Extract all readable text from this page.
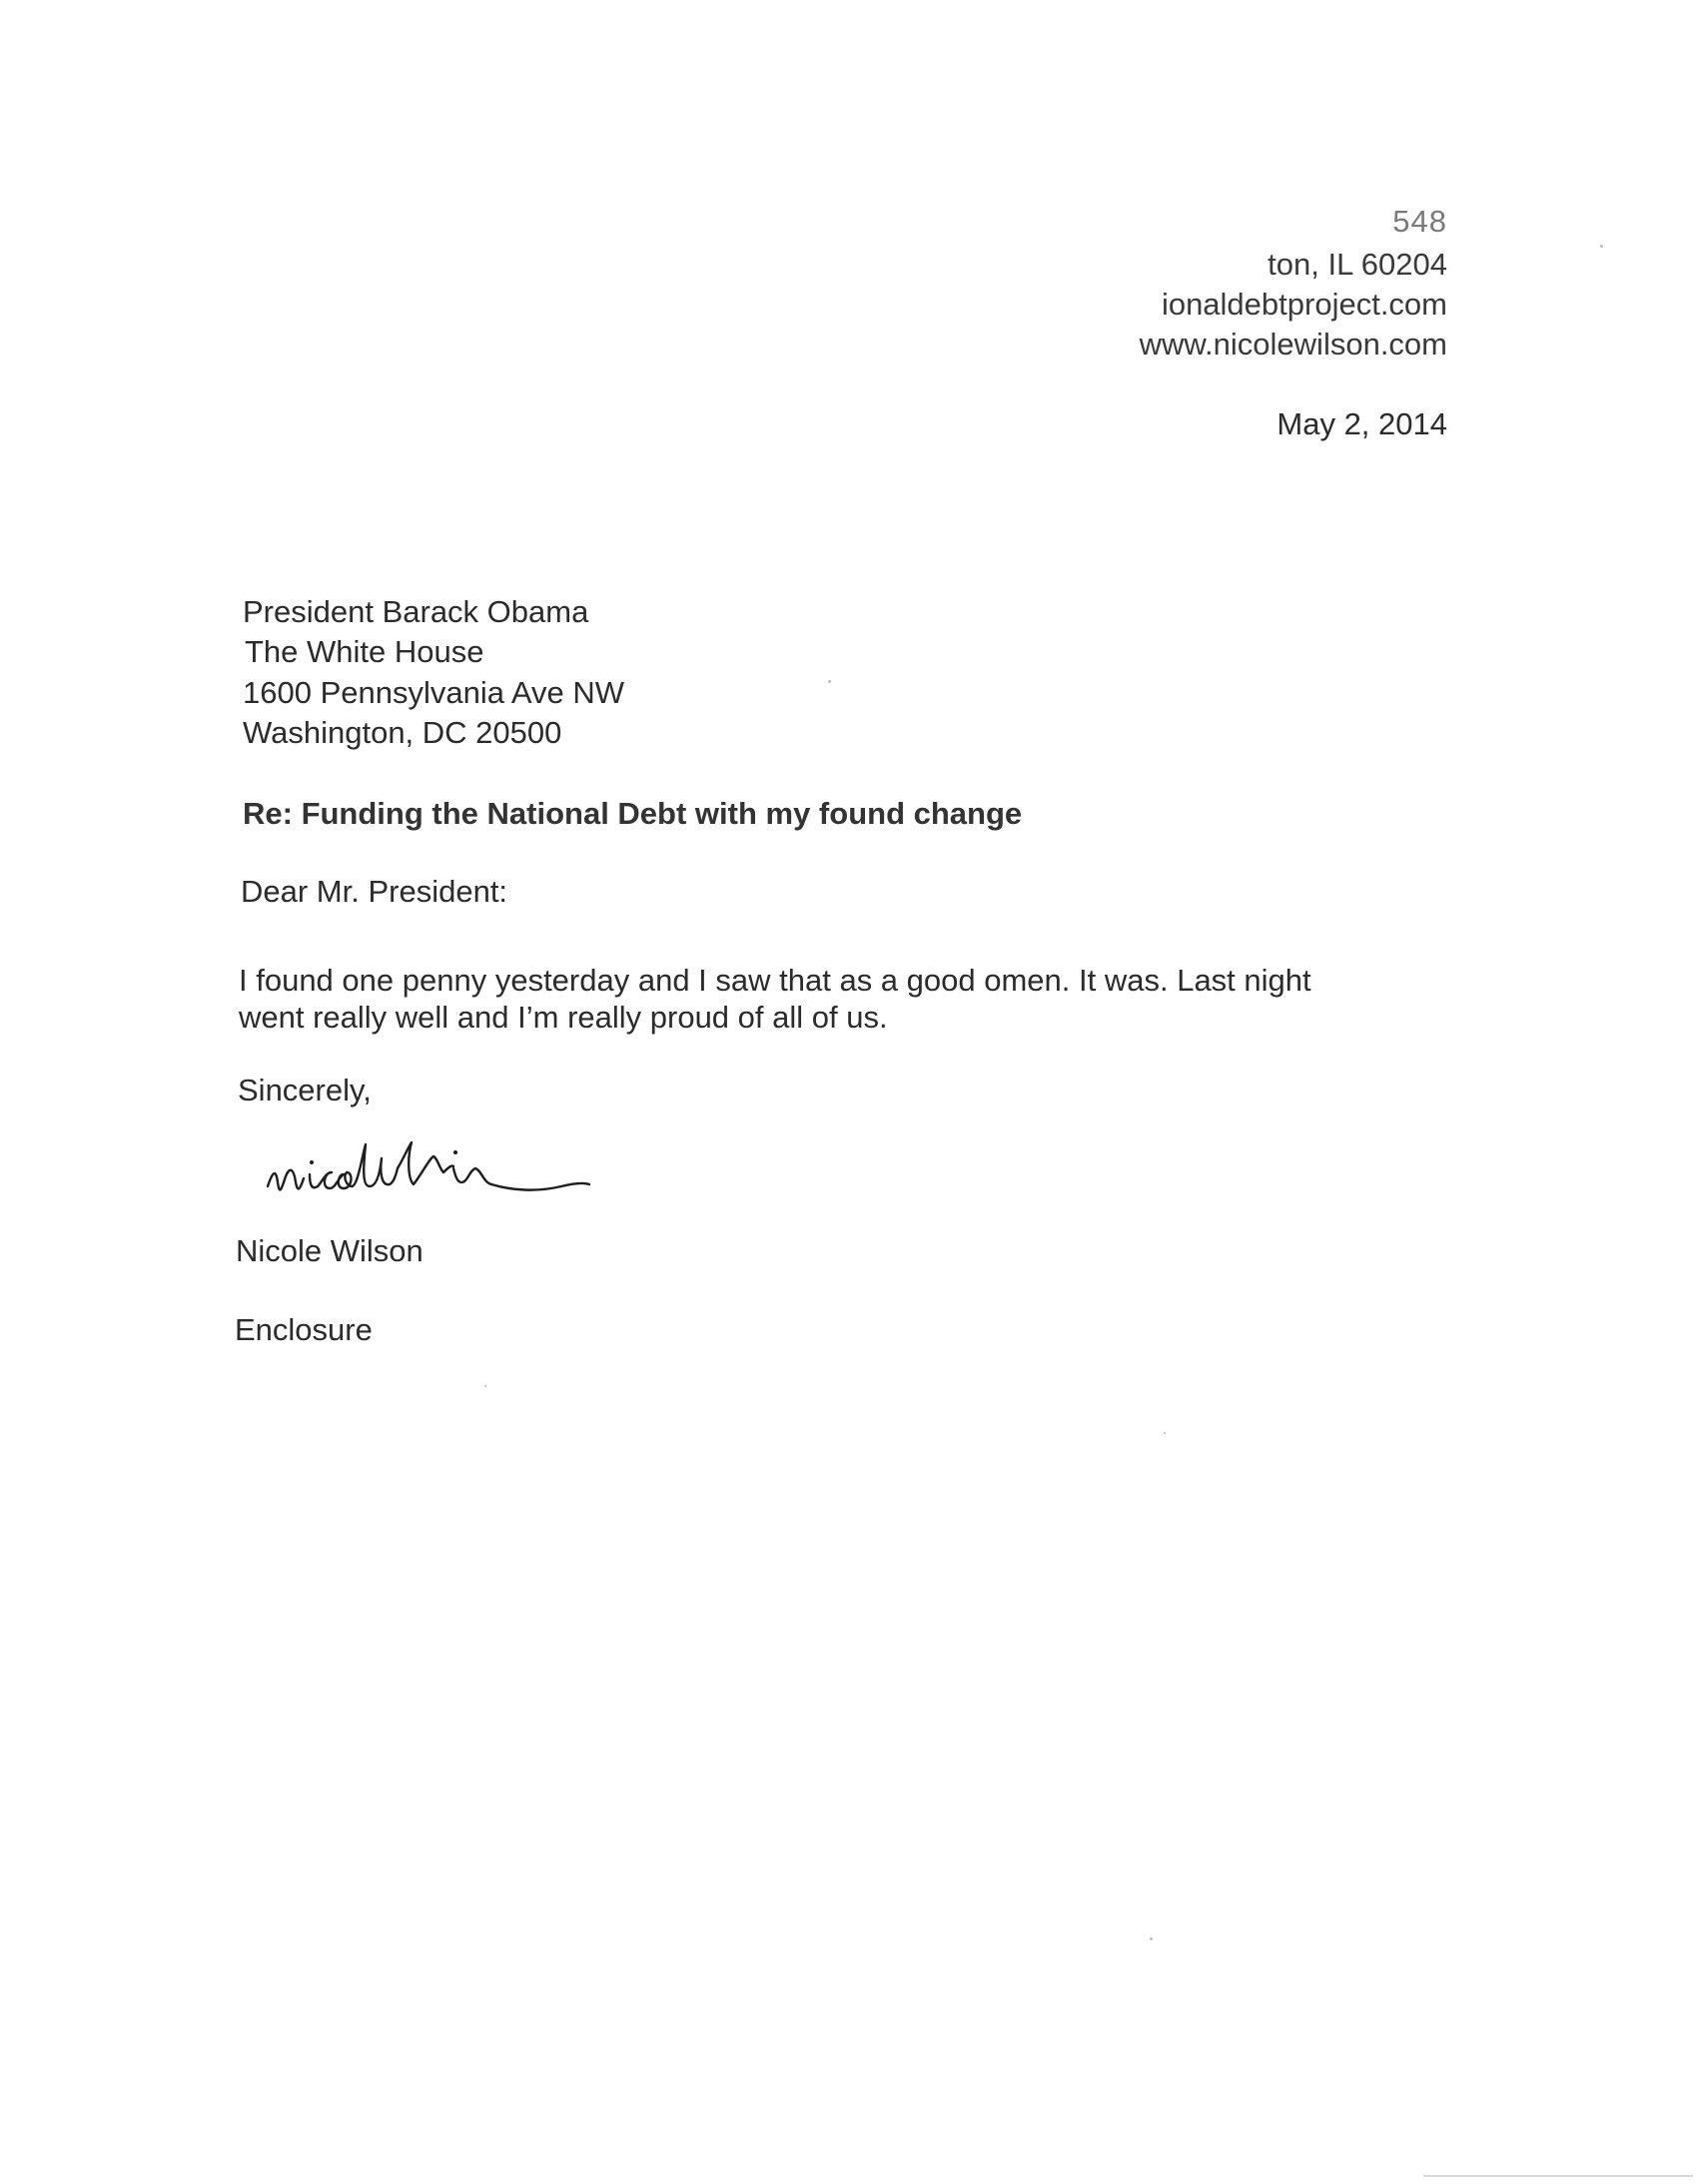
548
ton, IL 60204
ionaldebtproject.com
www.nicolewilson.com
May 2, 2014
President Barack Obama
The White House
1600 Pennsylvania Ave NW
Washington, DC 20500
Re: Funding the National Debt with my found change
Dear Mr. President:
I found one penny yesterday and I saw that as a good omen. It was. Last night
went really well and I’m really proud of all of us.
Sincerely,
Nicole Wilson
Enclosure
